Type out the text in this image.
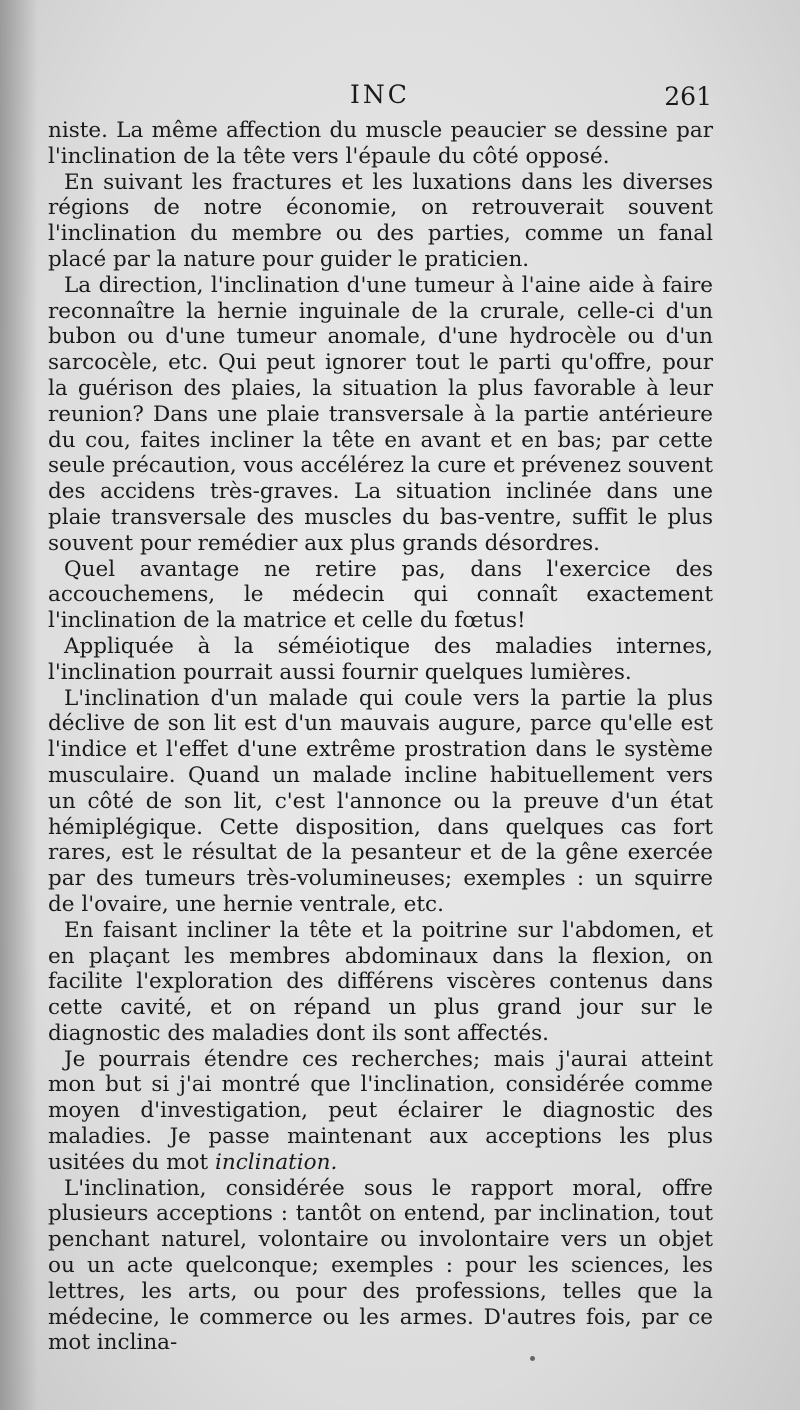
INC	261

niste. La même affection du muscle peaucier se dessine par l'inclination de la tête vers l'épaule du côté opposé.

En suivant les fractures et les luxations dans les diverses régions de notre économie, on retrouverait souvent l'inclination du membre ou des parties, comme un fanal placé par la nature pour guider le praticien.

La direction, l'inclination d'une tumeur à l'aine aide à faire reconnaître la hernie inguinale de la crurale, celle-ci d'un bubon ou d'une tumeur anomale, d'une hydrocèle ou d'un sarcocèle, etc. Qui peut ignorer tout le parti qu'offre, pour la guérison des plaies, la situation la plus favorable à leur reunion? Dans une plaie transversale à la partie antérieure du cou, faites incliner la tête en avant et en bas; par cette seule précaution, vous accélérez la cure et prévenez souvent des accidens très-graves. La situation inclinée dans une plaie transversale des muscles du bas-ventre, suffit le plus souvent pour remédier aux plus grands désordres.

Quel avantage ne retire pas, dans l'exercice des accouchemens, le médecin qui connaît exactement l'inclination de la matrice et celle du fœtus!

Appliquée à la séméiotique des maladies internes, l'inclination pourrait aussi fournir quelques lumières.

L'inclination d'un malade qui coule vers la partie la plus déclive de son lit est d'un mauvais augure, parce qu'elle est l'indice et l'effet d'une extrême prostration dans le système musculaire. Quand un malade incline habituellement vers un côté de son lit, c'est l'annonce ou la preuve d'un état hémiplégique. Cette disposition, dans quelques cas fort rares, est le résultat de la pesanteur et de la gêne exercée par des tumeurs très-volumineuses; exemples : un squirre de l'ovaire, une hernie ventrale, etc.

En faisant incliner la tête et la poitrine sur l'abdomen, et en plaçant les membres abdominaux dans la flexion, on facilite l'exploration des différens viscères contenus dans cette cavité, et on répand un plus grand jour sur le diagnostic des maladies dont ils sont affectés.

Je pourrais étendre ces recherches; mais j'aurai atteint mon but si j'ai montré que l'inclination, considérée comme moyen d'investigation, peut éclairer le diagnostic des maladies. Je passe maintenant aux acceptions les plus usitées du mot inclination.

L'inclination, considérée sous le rapport moral, offre plusieurs acceptions : tantôt on entend, par inclination, tout penchant naturel, volontaire ou involontaire vers un objet ou un acte quelconque; exemples : pour les sciences, les lettres, les arts, ou pour des professions, telles que la médecine, le commerce ou les armes. D'autres fois, par ce mot inclina-
